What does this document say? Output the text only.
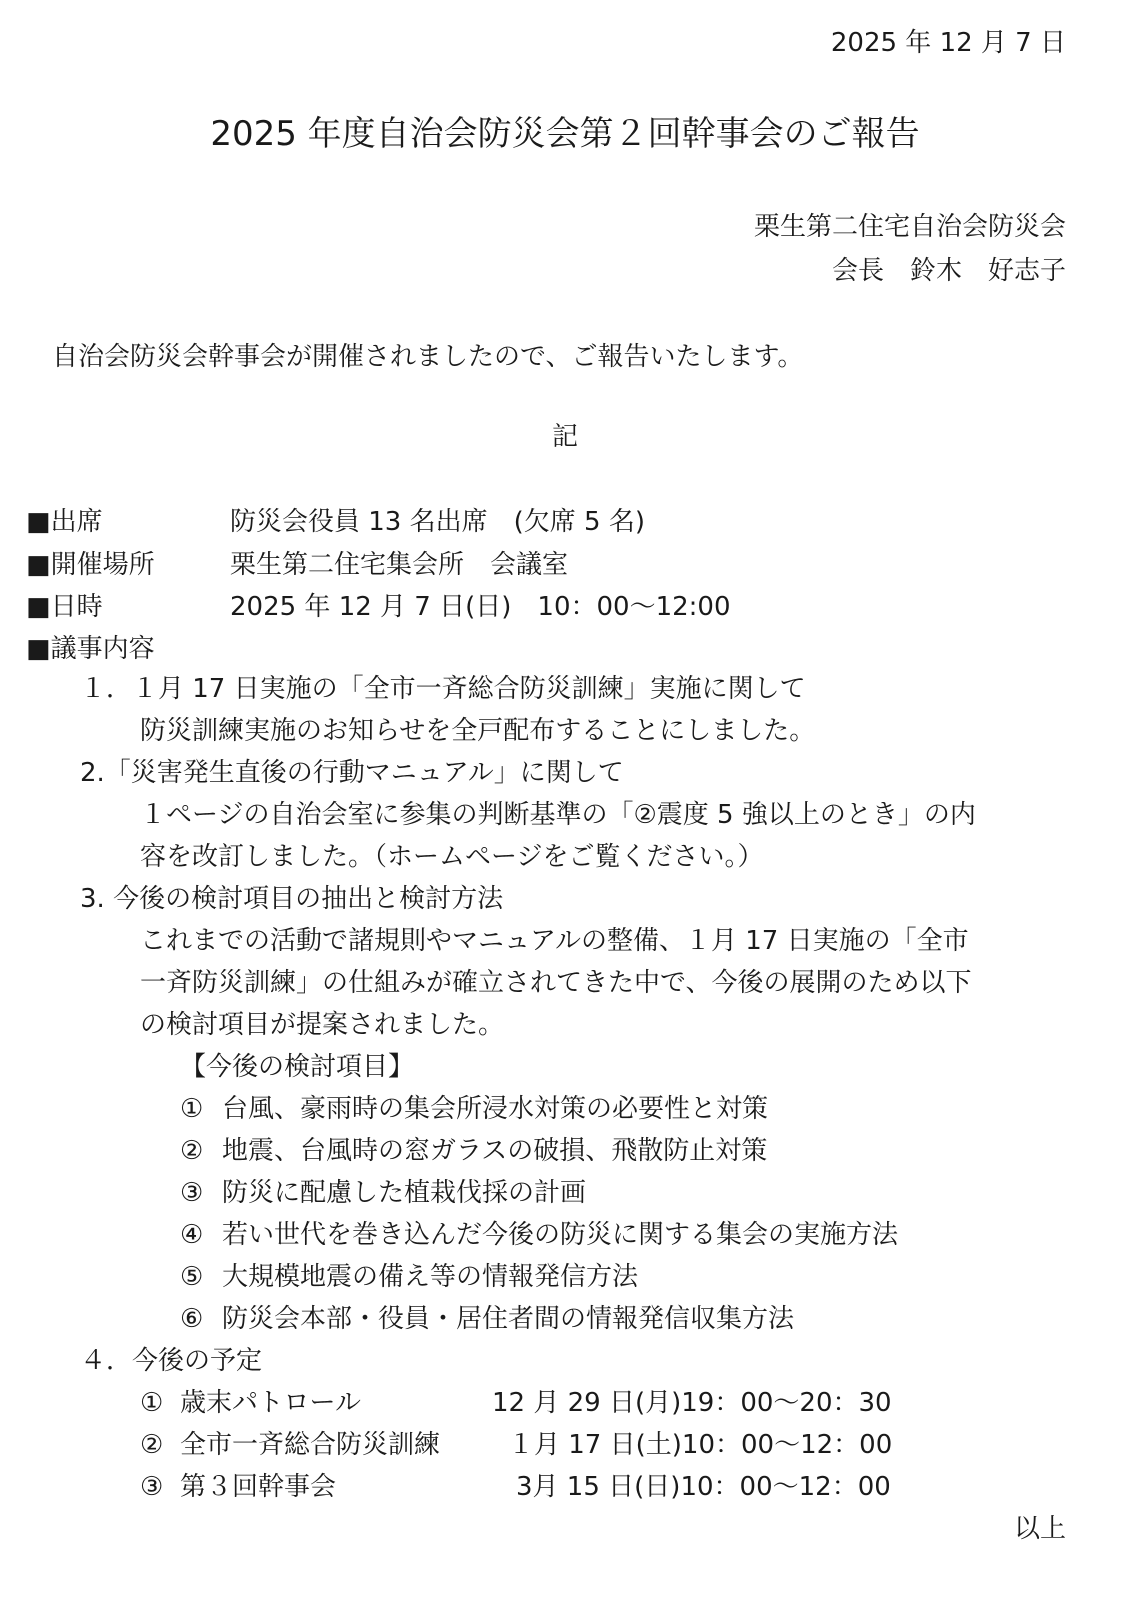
2025 年 12 月 7 日
2025 年度自治会防災会第２回幹事会のご報告
栗生第二住宅自治会防災会
会長　鈴木　好志子
自治会防災会幹事会が開催されましたので、ご報告いたします。
記
■出席	防災会役員 13 名出席　(欠席 5 名)
■開催場所	栗生第二住宅集会所　会議室
■日時	2025 年 12 月 7 日(日)　10：00〜12:00
■議事内容
１．１月 17 日実施の「全市一斉総合防災訓練」実施に関して
防災訓練実施のお知らせを全戸配布することにしました。
2.「災害発生直後の行動マニュアル」に関して
１ページの自治会室に参集の判断基準の「②震度 5 強以上のとき」の内
容を改訂しました。（ホームページをご覧ください。）
3. 今後の検討項目の抽出と検討方法
これまでの活動で諸規則やマニュアルの整備、１月 17 日実施の「全市
一斉防災訓練」の仕組みが確立されてきた中で、今後の展開のため以下
の検討項目が提案されました。
【今後の検討項目】
① 台風、豪雨時の集会所浸水対策の必要性と対策
② 地震、台風時の窓ガラスの破損、飛散防止対策
③ 防災に配慮した植栽伐採の計画
④ 若い世代を巻き込んだ今後の防災に関する集会の実施方法
⑤ 大規模地震の備え等の情報発信方法
⑥ 防災会本部・役員・居住者間の情報発信収集方法
４．今後の予定
① 歳末パトロール	12 月 29 日(月)19：00〜20：30
② 全市一斉総合防災訓練	１月 17 日(土)10：00〜12：00
③ 第３回幹事会	3月 15 日(日)10：00〜12：00
以上
